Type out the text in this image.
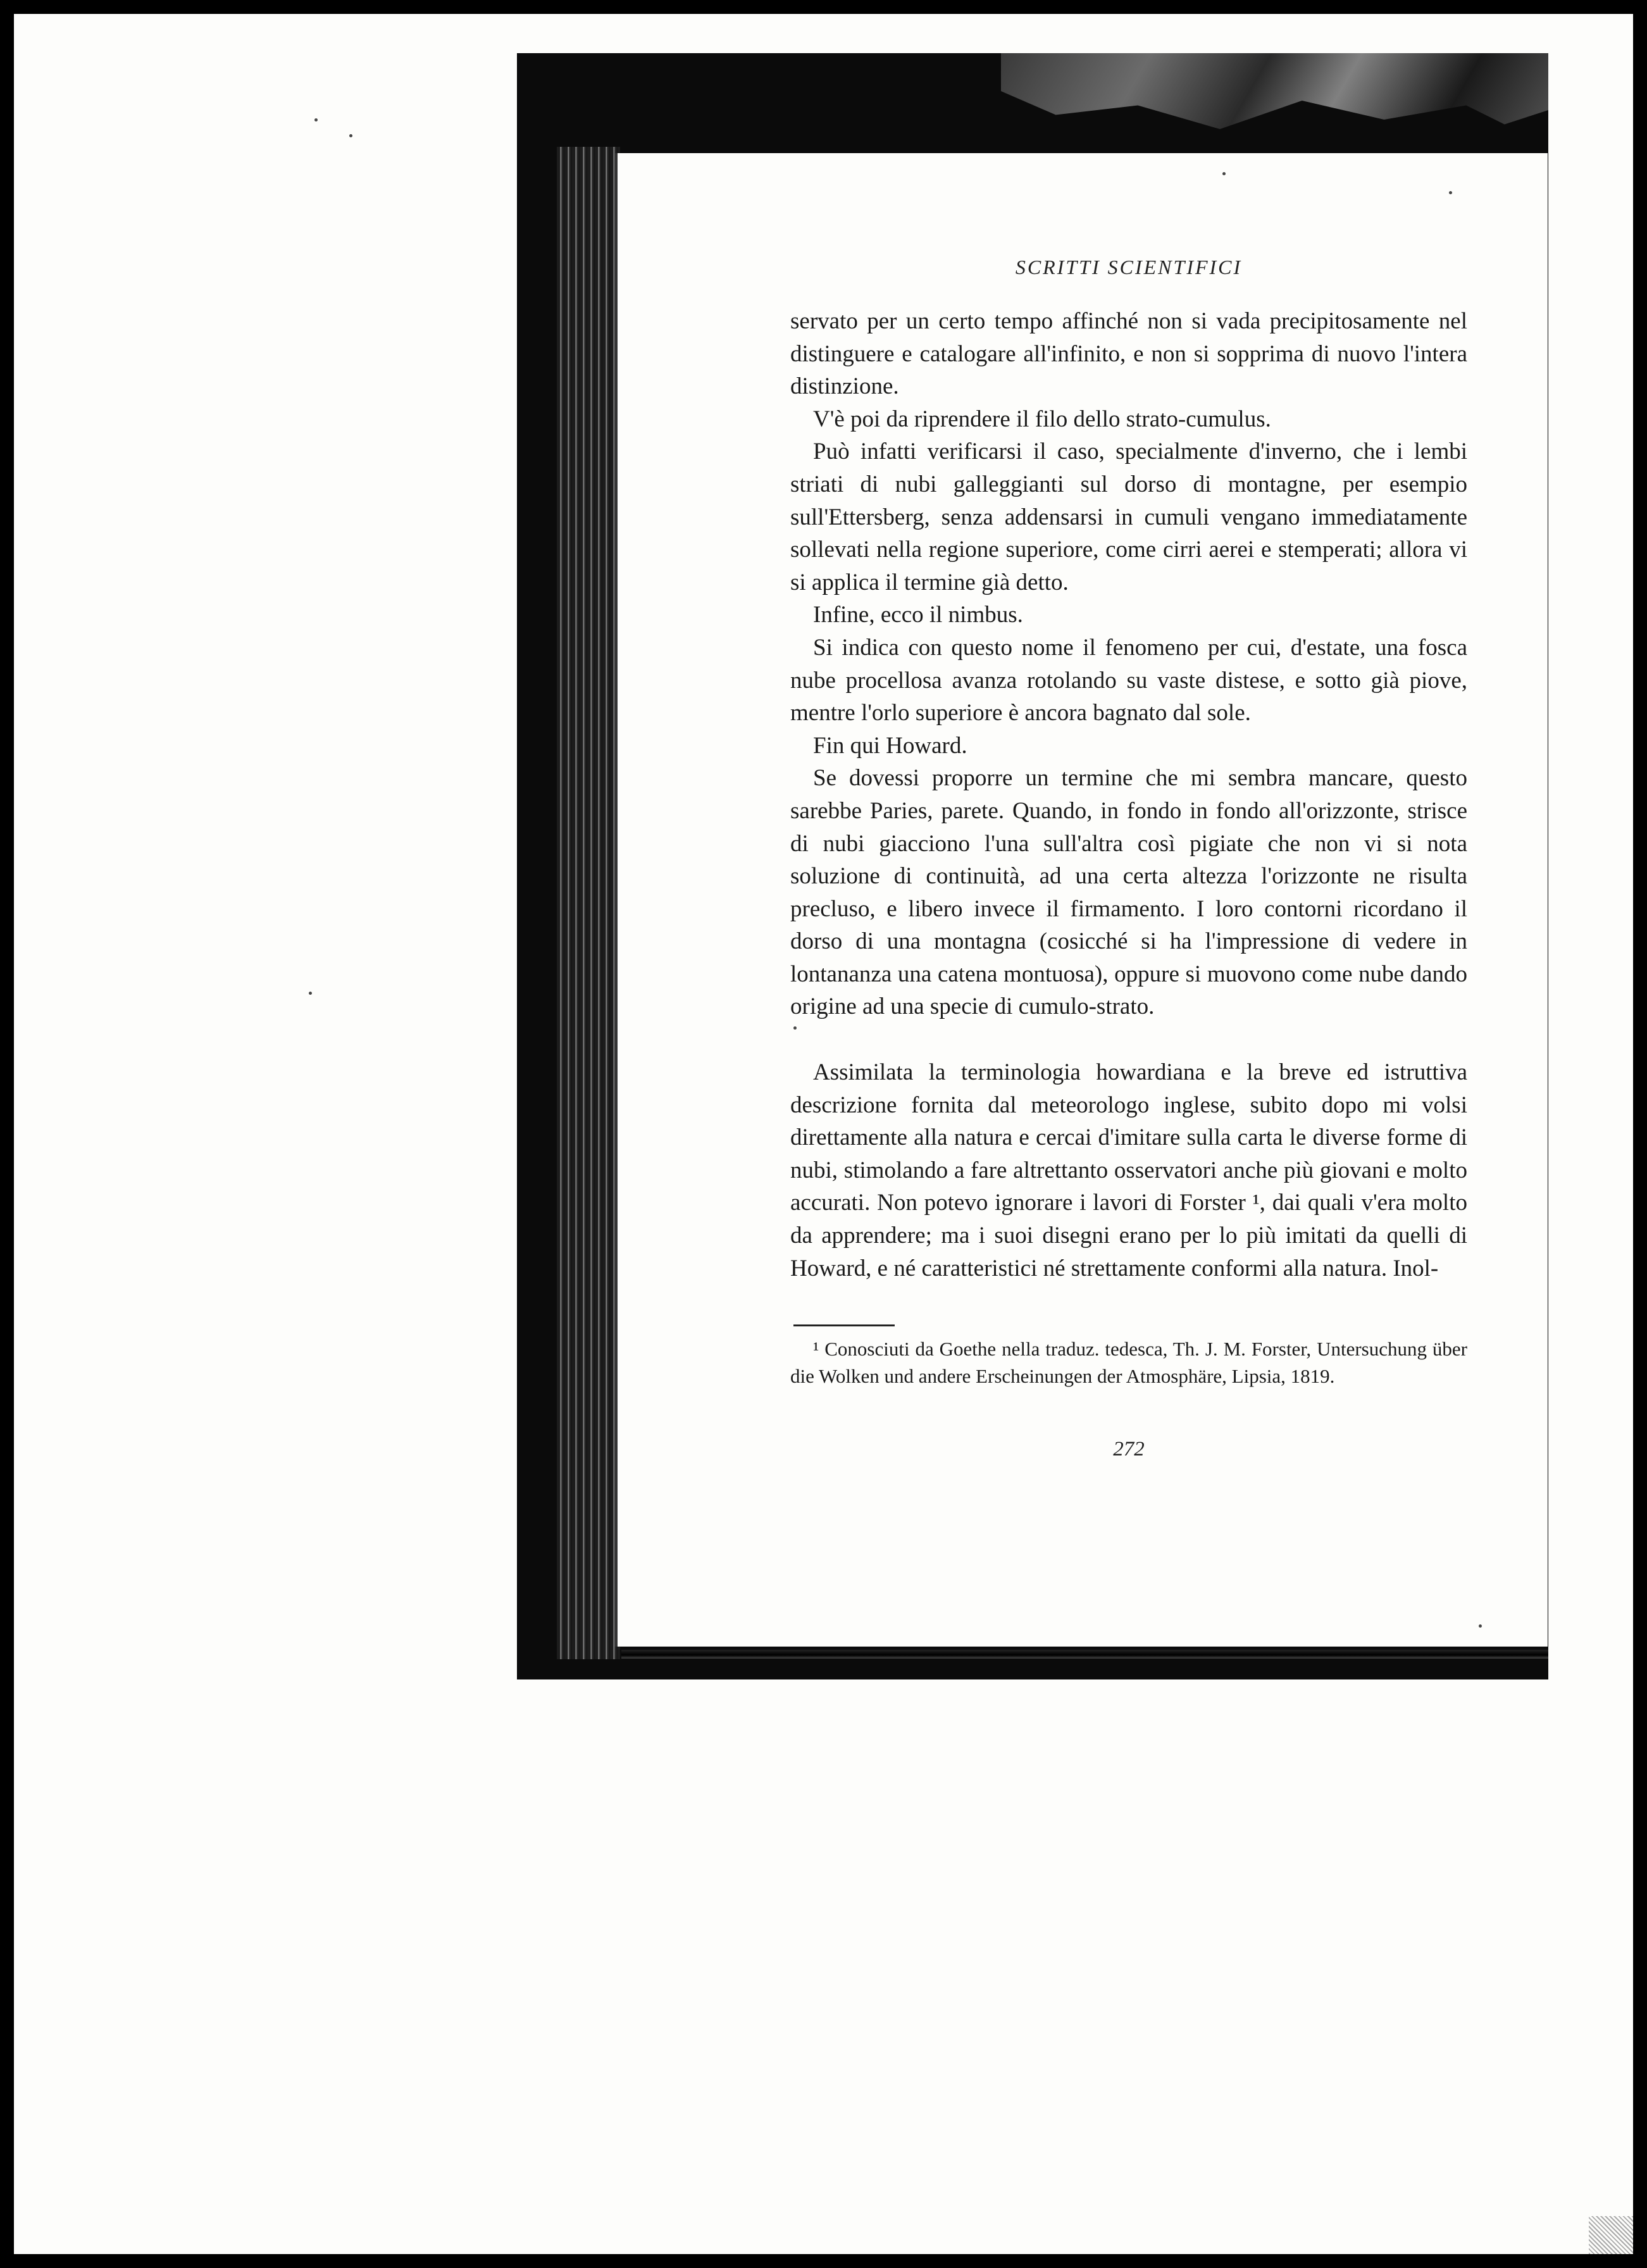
SCRITTI SCIENTIFICI

servato per un certo tempo affinché non si vada precipitosamente nel distinguere e catalogare all'infinito, e non si sopprima di nuovo l'intera distinzione.

V'è poi da riprendere il filo dello strato-cumulus.

Può infatti verificarsi il caso, specialmente d'inverno, che i lembi striati di nubi galleggianti sul dorso di montagne, per esempio sull'Ettersberg, senza addensarsi in cumuli vengano immediatamente sollevati nella regione superiore, come cirri aerei e stemperati; allora vi si applica il termine già detto.

Infine, ecco il nimbus.

Si indica con questo nome il fenomeno per cui, d'estate, una fosca nube procellosa avanza rotolando su vaste distese, e sotto già piove, mentre l'orlo superiore è ancora bagnato dal sole.

Fin qui Howard.

Se dovessi proporre un termine che mi sembra mancare, questo sarebbe Paries, parete. Quando, in fondo in fondo all'orizzonte, strisce di nubi giacciono l'una sull'altra così pigiate che non vi si nota soluzione di continuità, ad una certa altezza l'orizzonte ne risulta precluso, e libero invece il firmamento. I loro contorni ricordano il dorso di una montagna (cosicché si ha l'impressione di vedere in lontananza una catena montuosa), oppure si muovono come nube dando origine ad una specie di cumulo-strato.

Assimilata la terminologia howardiana e la breve ed istruttiva descrizione fornita dal meteorologo inglese, subito dopo mi volsi direttamente alla natura e cercai d'imitare sulla carta le diverse forme di nubi, stimolando a fare altrettanto osservatori anche più giovani e molto accurati. Non potevo ignorare i lavori di Forster ¹, dai quali v'era molto da apprendere; ma i suoi disegni erano per lo più imitati da quelli di Howard, e né caratteristici né strettamente conformi alla natura. Inol-

¹ Conosciuti da Goethe nella traduz. tedesca, Th. J. M. Forster, Untersuchung über die Wolken und andere Erscheinungen der Atmosphäre, Lipsia, 1819.
272
